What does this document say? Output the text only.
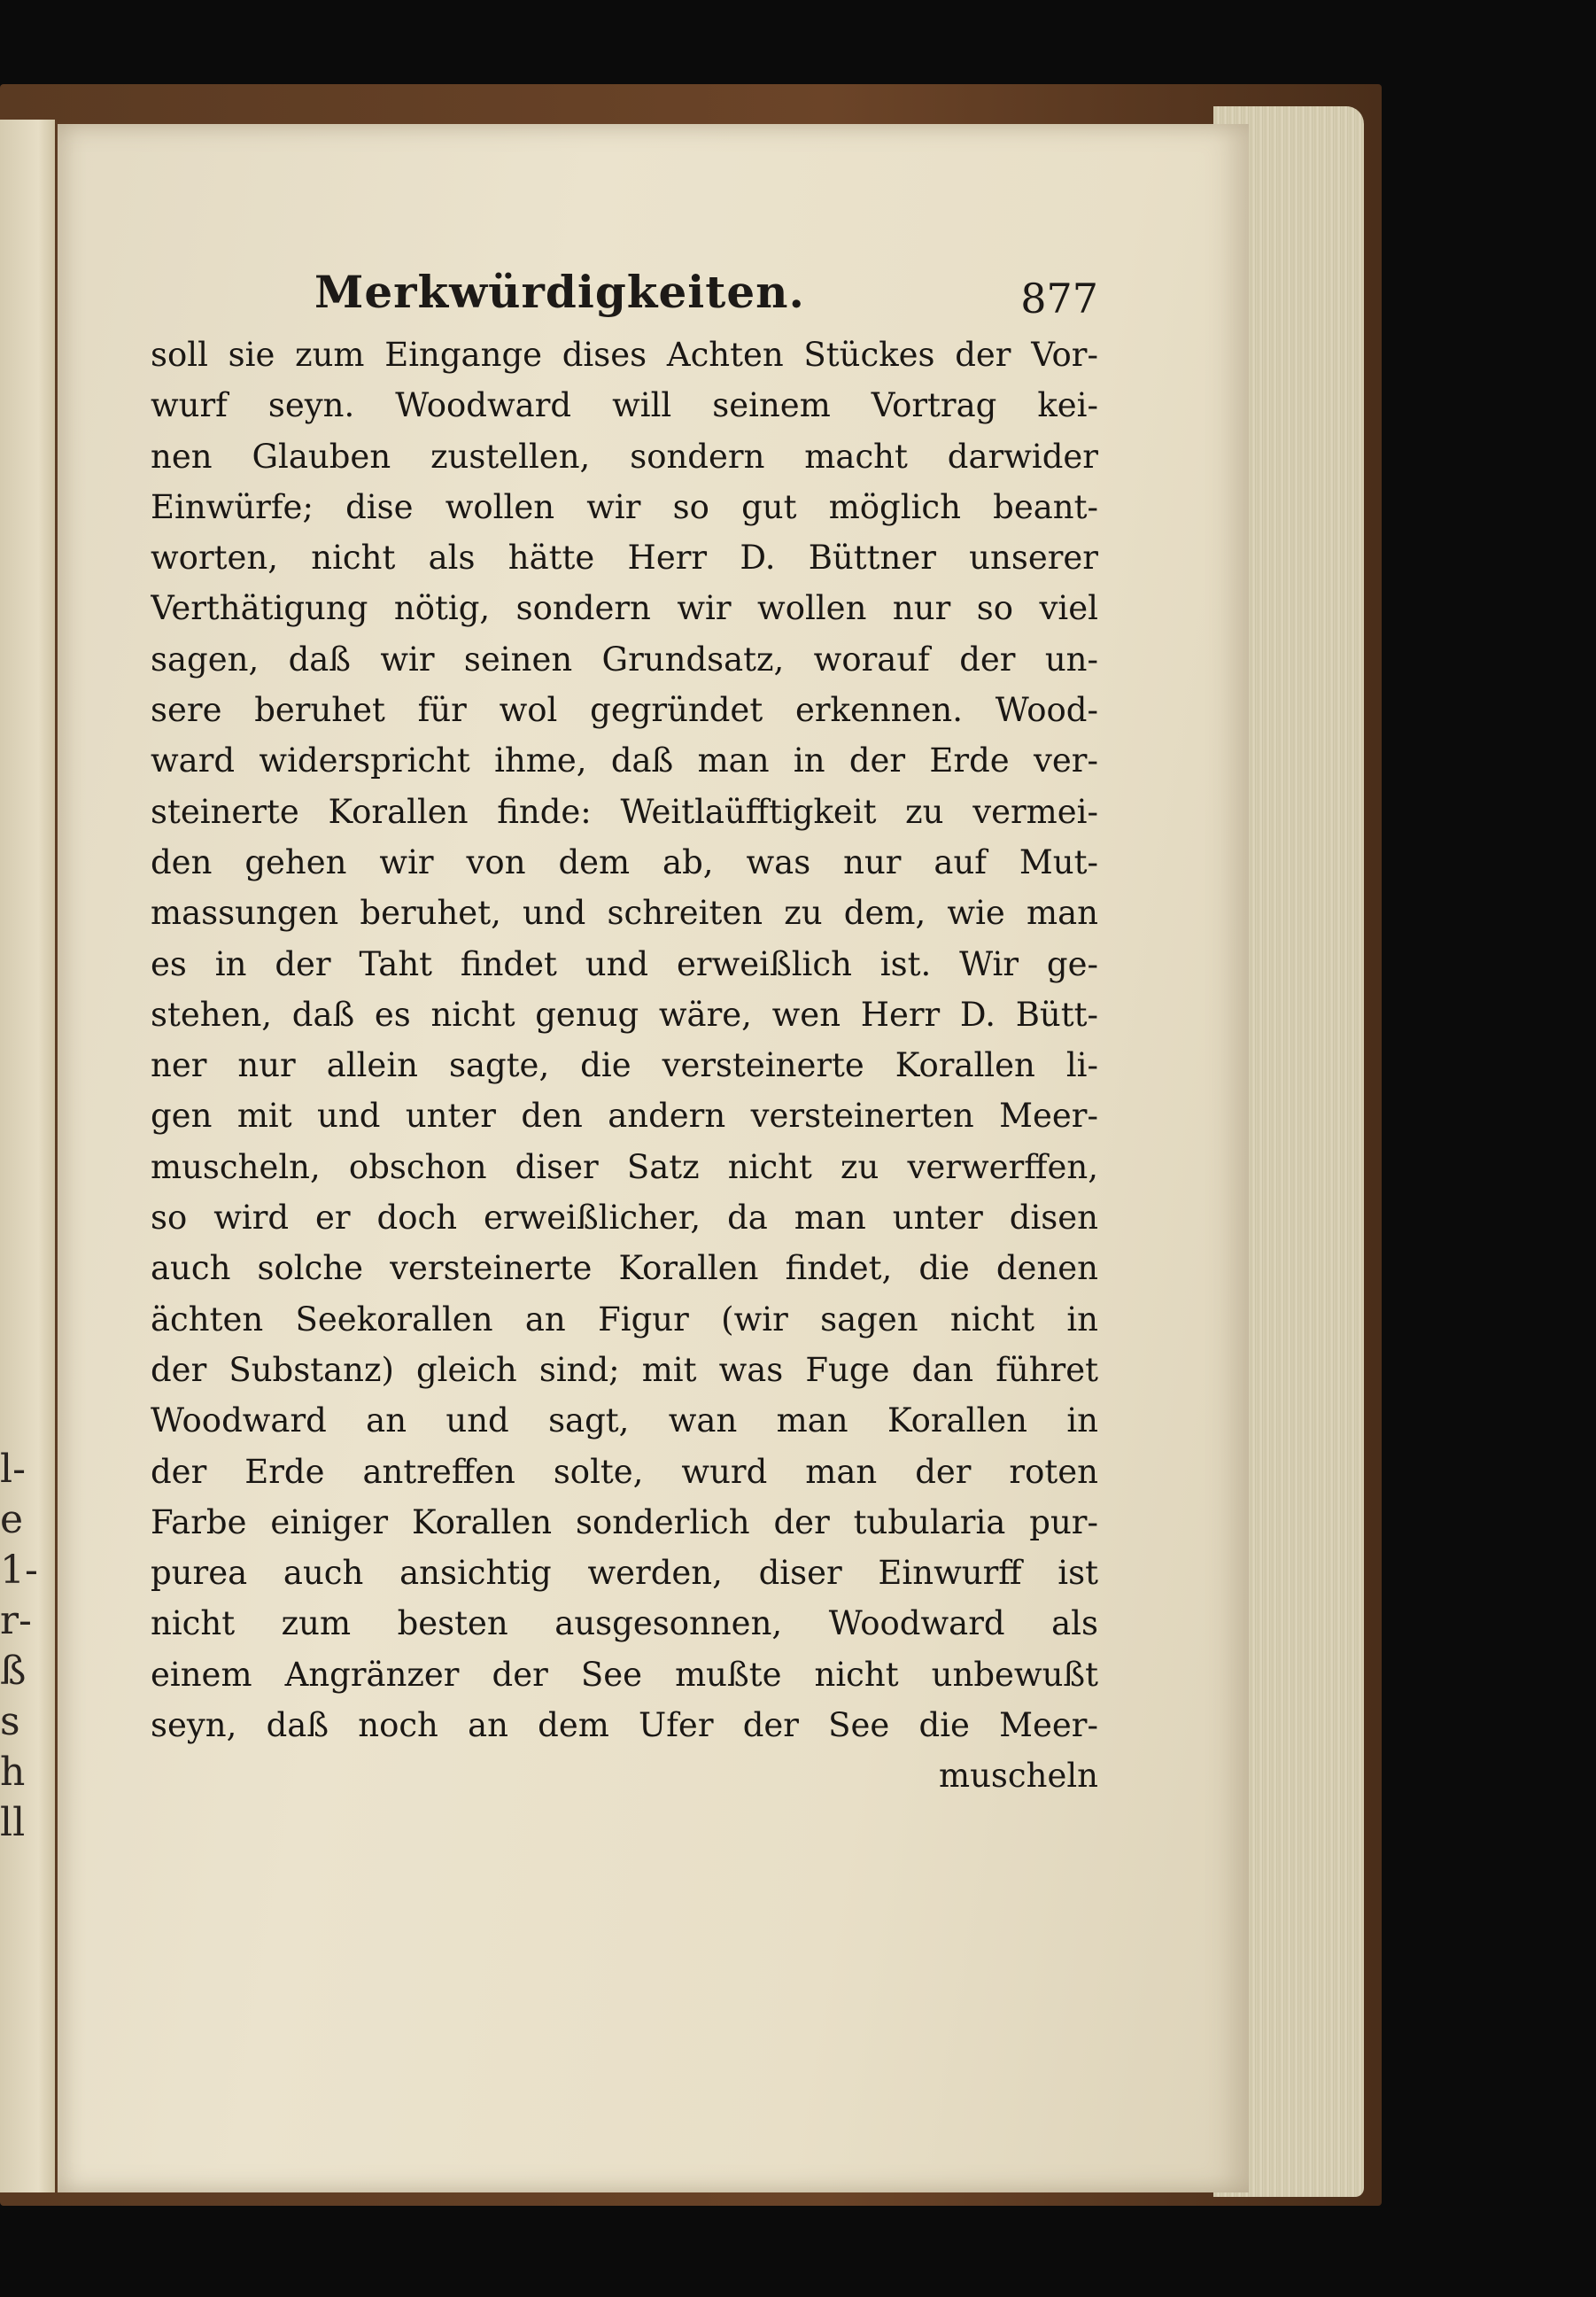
l-
e
1-
r-
ß
s
h
ll
Merkwürdigkeiten.	877
soll sie zum Eingange dises Achten Stückes der Vor-
wurf seyn. Woodward will seinem Vortrag kei-
nen Glauben zustellen, sondern macht darwider
Einwürfe; dise wollen wir so gut möglich beant-
worten, nicht als hätte Herr D. Büttner unserer
Verthätigung nötig, sondern wir wollen nur so viel
sagen, daß wir seinen Grundsatz, worauf der un-
sere beruhet für wol gegründet erkennen. Wood-
ward widerspricht ihme, daß man in der Erde ver-
steinerte Korallen finde: Weitlaüfftigkeit zu vermei-
den gehen wir von dem ab, was nur auf Mut-
massungen beruhet, und schreiten zu dem, wie man
es in der Taht findet und erweißlich ist. Wir ge-
stehen, daß es nicht genug wäre, wen Herr D. Bütt-
ner nur allein sagte, die versteinerte Korallen li-
gen mit und unter den andern versteinerten Meer-
muscheln, obschon diser Satz nicht zu verwerffen,
so wird er doch erweißlicher, da man unter disen
auch solche versteinerte Korallen findet, die denen
ächten Seekorallen an Figur (wir sagen nicht in
der Substanz) gleich sind; mit was Fuge dan führet
Woodward an und sagt, wan man Korallen in
der Erde antreffen solte, wurd man der roten
Farbe einiger Korallen sonderlich der tubularia pur-
purea auch ansichtig werden, diser Einwurff ist
nicht zum besten ausgesonnen, Woodward als
einem Angränzer der See mußte nicht unbewußt
seyn, daß noch an dem Ufer der See die Meer-
muscheln
